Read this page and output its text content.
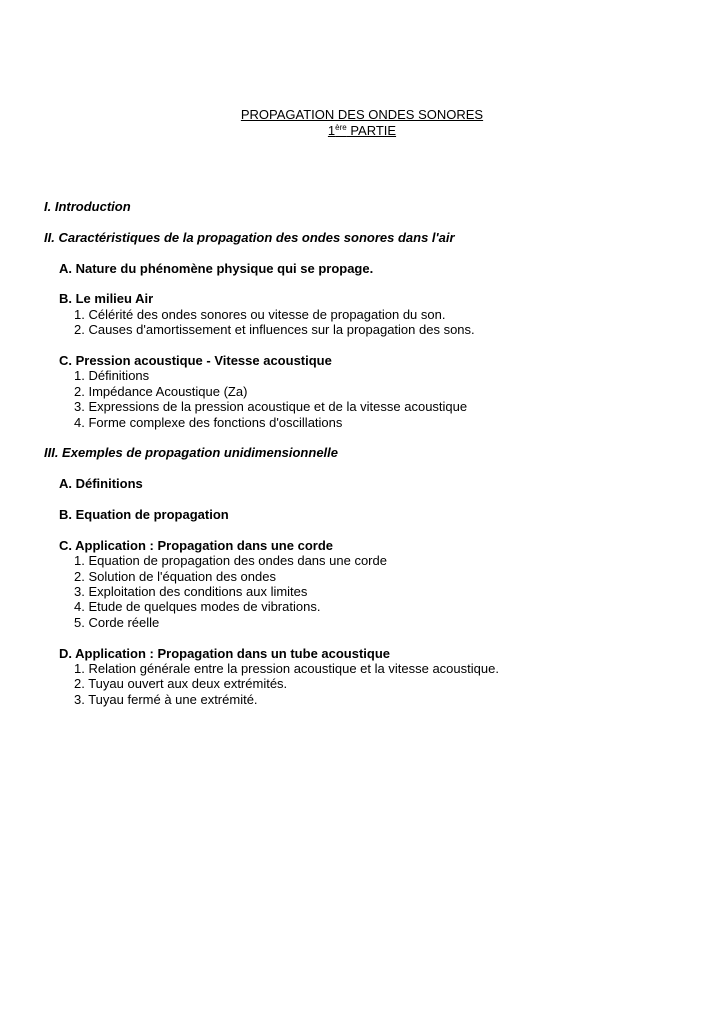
PROPAGATION DES ONDES SONORES
1ère PARTIE
I. Introduction
II. Caractéristiques de la propagation des ondes sonores dans l'air
A. Nature du phénomène physique qui se propage.
B. Le milieu Air
1. Célérité des ondes sonores ou vitesse de propagation du son.
2. Causes d'amortissement et influences sur la propagation des sons.
C. Pression acoustique - Vitesse acoustique
1. Définitions
2. Impédance Acoustique (Za)
3. Expressions de la pression acoustique et de la vitesse acoustique
4. Forme complexe des fonctions d'oscillations
III. Exemples de propagation unidimensionnelle
A. Définitions
B. Equation de propagation
C. Application : Propagation dans une corde
1. Equation de propagation des ondes dans une corde
2. Solution de l'équation des ondes
3. Exploitation des conditions aux limites
4. Etude de quelques modes de vibrations.
5. Corde réelle
D. Application : Propagation dans un tube acoustique
1. Relation générale entre la pression acoustique et la vitesse acoustique.
2. Tuyau ouvert aux deux extrémités.
3. Tuyau fermé à une extrémité.
